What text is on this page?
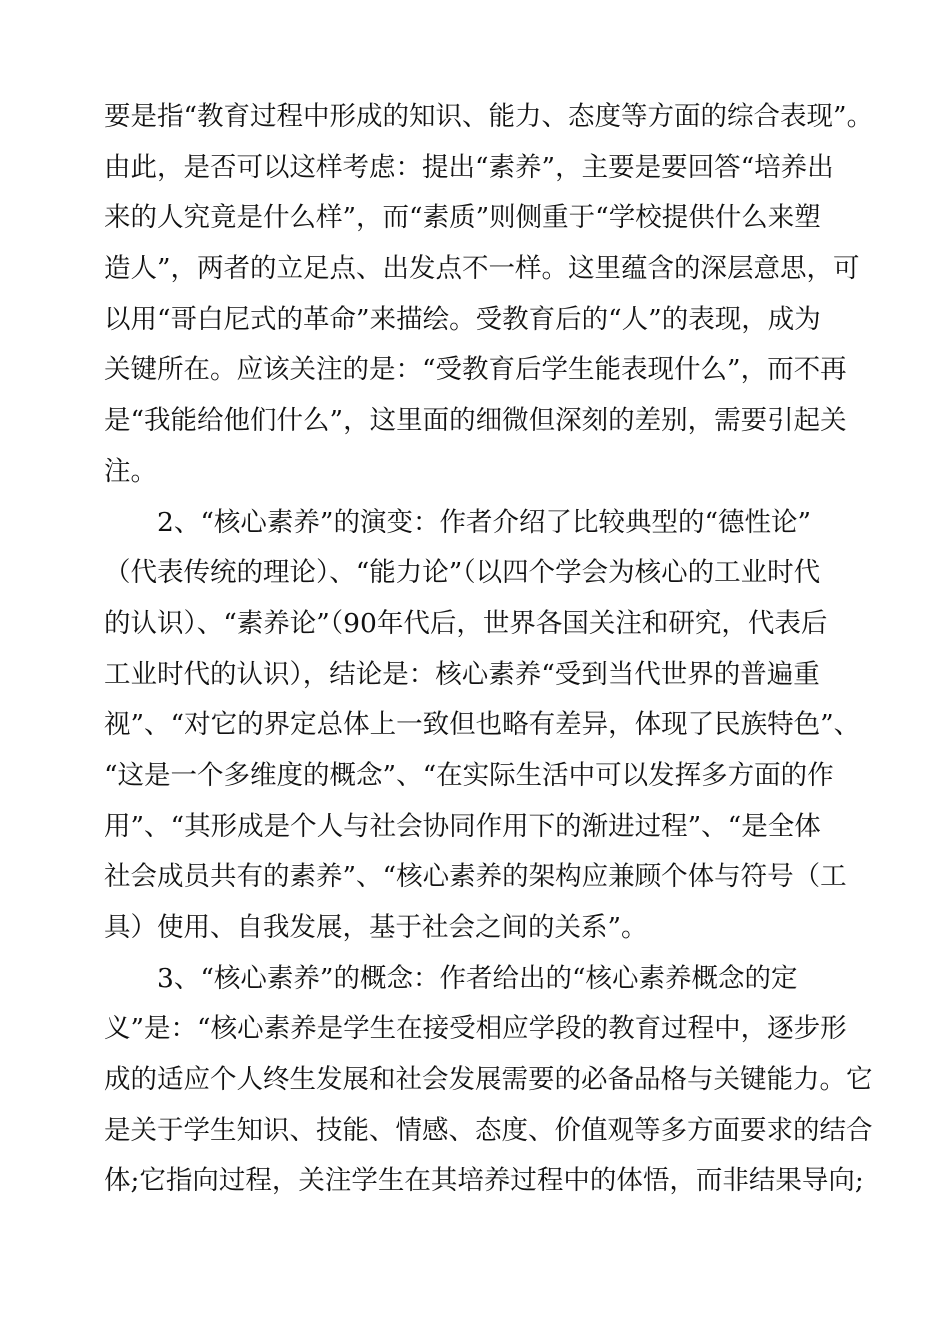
要是指“教育过程中形成的知识、能力、态度等方面的综合表现”。
由此，是否可以这样考虑：提出“素养”，主要是要回答“培养出
来的人究竟是什么样”，而“素质”则侧重于“学校提供什么来塑
造人”，两者的立足点、出发点不一样。这里蕴含的深层意思，可
以用“哥白尼式的革命”来描绘。受教育后的“人”的表现，成为
关键所在。应该关注的是：“受教育后学生能表现什么”，而不再
是“我能给他们什么”，这里面的细微但深刻的差别，需要引起关
注。
　　2、“核心素养”的演变：作者介绍了比较典型的“德性论”
（代表传统的理论）、“能力论”（以四个学会为核心的工业时代
的认识）、“素养论”（90年代后，世界各国关注和研究，代表后
工业时代的认识），结论是：核心素养“受到当代世界的普遍重
视”、“对它的界定总体上一致但也略有差异，体现了民族特色”、
“这是一个多维度的概念”、“在实际生活中可以发挥多方面的作
用”、“其形成是个人与社会协同作用下的渐进过程”、“是全体
社会成员共有的素养”、“核心素养的架构应兼顾个体与符号（工
具）使用、自我发展，基于社会之间的关系”。
　　3、“核心素养”的概念：作者给出的“核心素养概念的定
义”是：“核心素养是学生在接受相应学段的教育过程中，逐步形
成的适应个人终生发展和社会发展需要的必备品格与关键能力。它
是关于学生知识、技能、情感、态度、价值观等多方面要求的结合
体;它指向过程，关注学生在其培养过程中的体悟，而非结果导向;
